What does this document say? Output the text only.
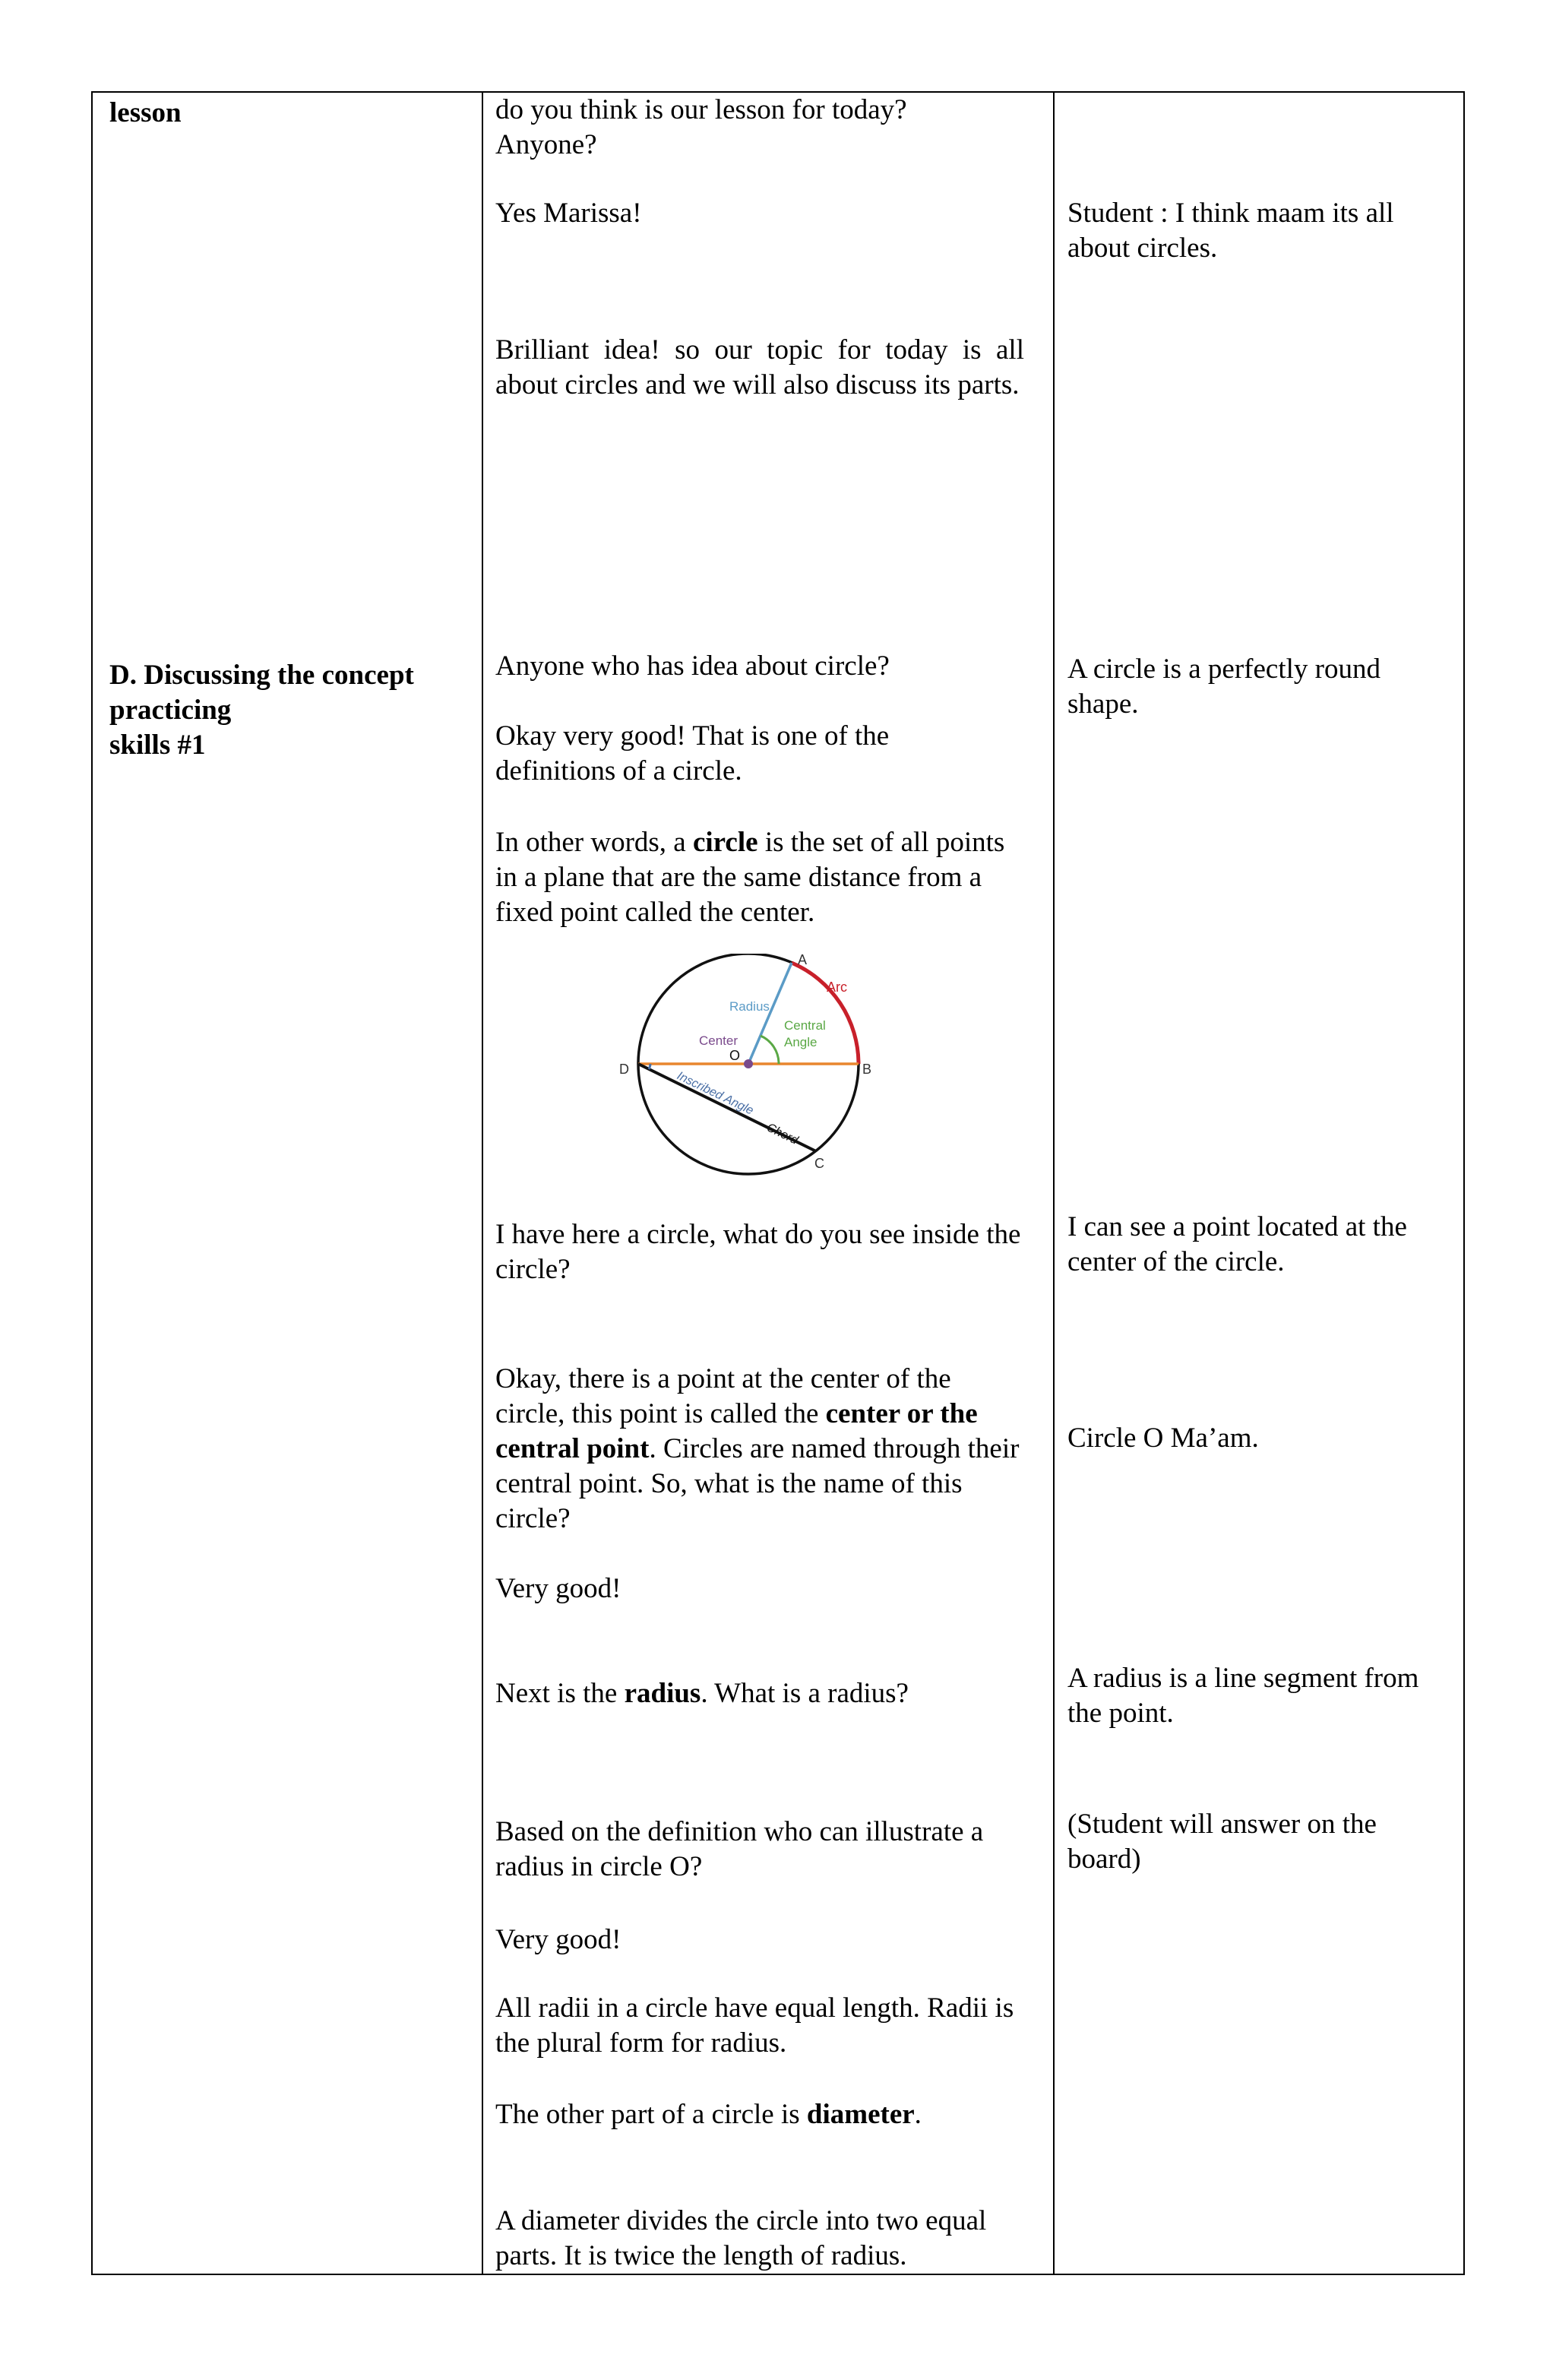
lesson

D. Discussing the concept

practicing

skills #1

do you think is our lesson for today?

Anyone?

Yes Marissa!

Brilliant idea! so our topic for today is all about circles and we will also discuss its parts.

Anyone who has idea about circle?

Okay very good! That is one of the definitions of a circle.

In other words, a circle is the set of all points in a plane that are the same distance from a fixed point called the center.

A
Arc
Radius
Central
Angle
Center
O
D	B
Inscribed Angle
Chord
C

I have here a circle, what do you see inside the circle?

Okay, there is a point at the center of the circle, this point is called the center or the central point. Circles are named through their central point. So, what is the name of this circle?

Very good!

Next is the radius. What is a radius?

Based on the definition who can illustrate a radius in circle O?

Very good!

All radii in a circle have equal length. Radii is the plural form for radius.

The other part of a circle is diameter.

A diameter divides the circle into two equal parts. It is twice the length of radius.

Student : I think maam its all about circles.

A circle is a perfectly round shape.

I can see a point located at the center of the circle.

Circle O Ma’am.

A radius is a line segment from the point.

(Student will answer on the board)
